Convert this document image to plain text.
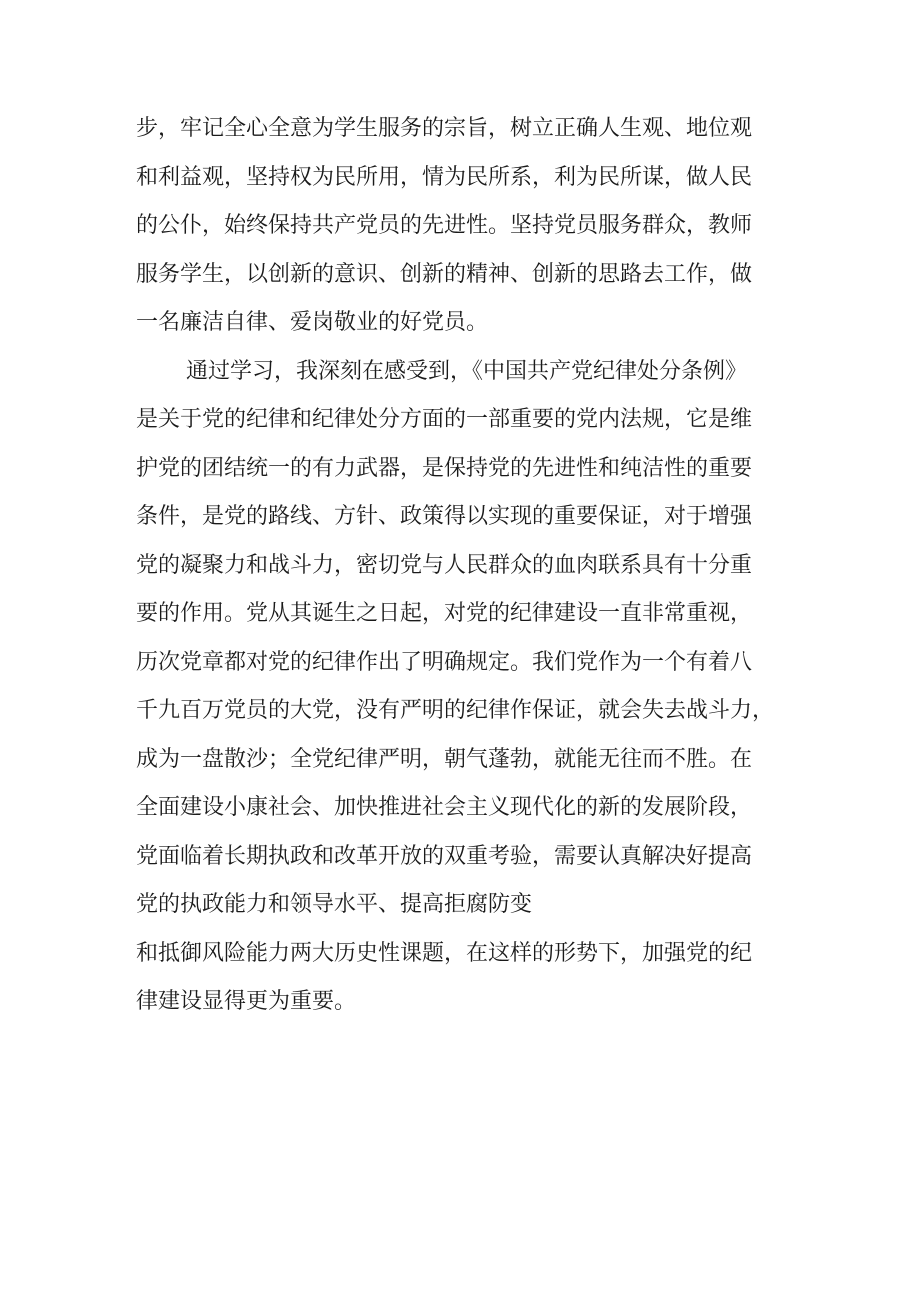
步，牢记全心全意为学生服务的宗旨，树立正确人生观、地位观
和利益观，坚持权为民所用，情为民所系，利为民所谋，做人民
的公仆，始终保持共产党员的先进性。坚持党员服务群众，教师
服务学生，以创新的意识、创新的精神、创新的思路去工作，做
一名廉洁自律、爱岗敬业的好党员。
通过学习，我深刻在感受到，《中国共产党纪律处分条例》
是关于党的纪律和纪律处分方面的一部重要的党内法规，它是维
护党的团结统一的有力武器，是保持党的先进性和纯洁性的重要
条件，是党的路线、方针、政策得以实现的重要保证，对于增强
党的凝聚力和战斗力，密切党与人民群众的血肉联系具有十分重
要的作用。党从其诞生之日起，对党的纪律建设一直非常重视，
历次党章都对党的纪律作出了明确规定。我们党作为一个有着八
千九百万党员的大党，没有严明的纪律作保证，就会失去战斗力，
成为一盘散沙；全党纪律严明，朝气蓬勃，就能无往而不胜。在
全面建设小康社会、加快推进社会主义现代化的新的发展阶段，
党面临着长期执政和改革开放的双重考验，需要认真解决好提高
党的执政能力和领导水平、提高拒腐防变
和抵御风险能力两大历史性课题，在这样的形势下，加强党的纪
律建设显得更为重要。
